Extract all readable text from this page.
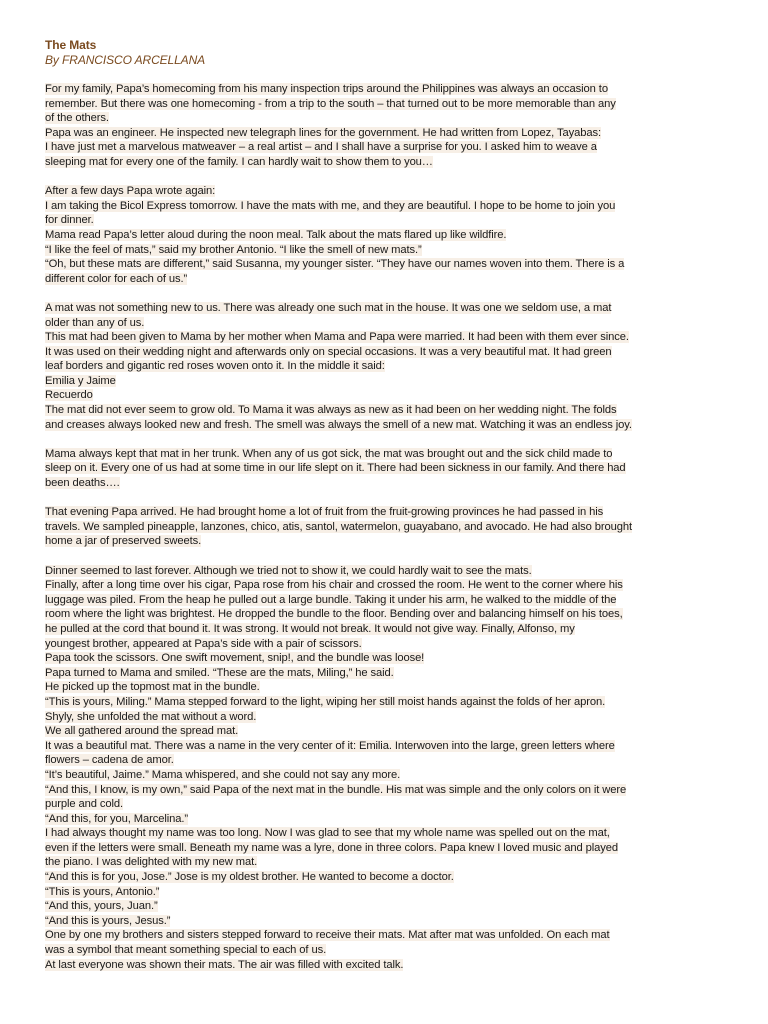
The Mats
By FRANCISCO ARCELLANA
For my family, Papa’s homecoming from his many inspection trips around the Philippines was always an occasion to
remember. But there was one homecoming - from a trip to the south – that turned out to be more memorable than any
of the others.
Papa was an engineer. He inspected new telegraph lines for the government. He had written from Lopez, Tayabas:
I have just met a marvelous matweaver – a real artist – and I shall have a surprise for you. I asked him to weave a
sleeping mat for every one of the family. I can hardly wait to show them to you…
After a few days Papa wrote again:
I am taking the Bicol Express tomorrow. I have the mats with me, and they are beautiful. I hope to be home to join you
for dinner.
Mama read Papa’s letter aloud during the noon meal. Talk about the mats flared up like wildfire.
“I like the feel of mats,” said my brother Antonio. “I like the smell of new mats.”
“Oh, but these mats are different,” said Susanna, my younger sister. “They have our names woven into them. There is a
different color for each of us.”
A mat was not something new to us. There was already one such mat in the house. It was one we seldom use, a mat
older than any of us.
This mat had been given to Mama by her mother when Mama and Papa were married. It had been with them ever since.
It was used on their wedding night and afterwards only on special occasions. It was a very beautiful mat. It had green
leaf borders and gigantic red roses woven onto it. In the middle it said:
Emilia y Jaime
Recuerdo
The mat did not ever seem to grow old. To Mama it was always as new as it had been on her wedding night. The folds
and creases always looked new and fresh. The smell was always the smell of a new mat. Watching it was an endless joy.
Mama always kept that mat in her trunk. When any of us got sick, the mat was brought out and the sick child made to
sleep on it. Every one of us had at some time in our life slept on it. There had been sickness in our family. And there had
been deaths….
That evening Papa arrived. He had brought home a lot of fruit from the fruit-growing provinces he had passed in his
travels. We sampled pineapple, lanzones, chico, atis, santol, watermelon, guayabano, and avocado. He had also brought
home a jar of preserved sweets.
Dinner seemed to last forever. Although we tried not to show it, we could hardly wait to see the mats.
Finally, after a long time over his cigar, Papa rose from his chair and crossed the room. He went to the corner where his
luggage was piled. From the heap he pulled out a large bundle. Taking it under his arm, he walked to the middle of the
room where the light was brightest. He dropped the bundle to the floor. Bending over and balancing himself on his toes,
he pulled at the cord that bound it. It was strong. It would not break. It would not give way. Finally, Alfonso, my
youngest brother, appeared at Papa’s side with a pair of scissors.
Papa took the scissors. One swift movement, snip!, and the bundle was loose!
Papa turned to Mama and smiled. “These are the mats, Miling,” he said.
He picked up the topmost mat in the bundle.
“This is yours, Miling.” Mama stepped forward to the light, wiping her still moist hands against the folds of her apron.
Shyly, she unfolded the mat without a word.
We all gathered around the spread mat.
It was a beautiful mat. There was a name in the very center of it: Emilia. Interwoven into the large, green letters where
flowers – cadena de amor.
“It’s beautiful, Jaime.” Mama whispered, and she could not say any more.
“And this, I know, is my own,” said Papa of the next mat in the bundle. His mat was simple and the only colors on it were
purple and cold.
“And this, for you, Marcelina.”
I had always thought my name was too long. Now I was glad to see that my whole name was spelled out on the mat,
even if the letters were small. Beneath my name was a lyre, done in three colors. Papa knew I loved music and played
the piano. I was delighted with my new mat.
“And this is for you, Jose.” Jose is my oldest brother. He wanted to become a doctor.
“This is yours, Antonio.”
“And this, yours, Juan.”
“And this is yours, Jesus.”
One by one my brothers and sisters stepped forward to receive their mats. Mat after mat was unfolded. On each mat
was a symbol that meant something special to each of us.
At last everyone was shown their mats. The air was filled with excited talk.
